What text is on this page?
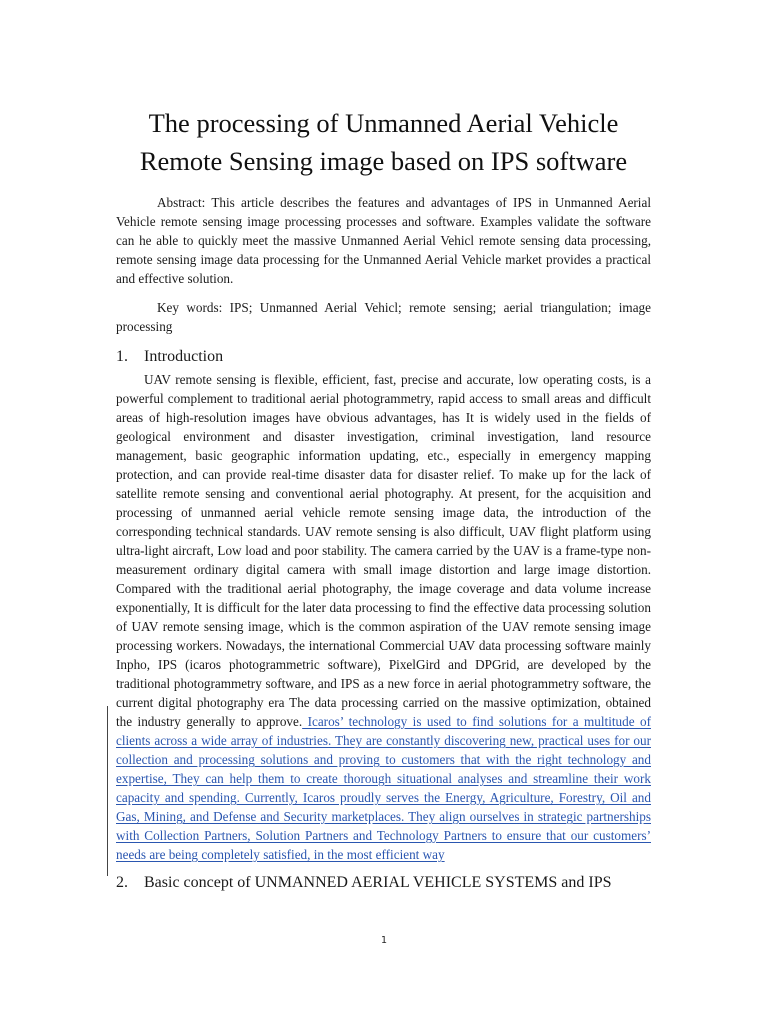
The processing of Unmanned Aerial Vehicle
Remote Sensing image based on IPS software

Abstract: This article describes the features and advantages of IPS in Unmanned Aerial Vehicle remote sensing image processing processes and software. Examples validate the software can he able to quickly meet the massive Unmanned Aerial Vehicl remote sensing data processing, remote sensing image data processing for the Unmanned Aerial Vehicle market provides a practical and effective solution.

Key words: IPS; Unmanned Aerial Vehicl; remote sensing; aerial triangulation; image processing

1.	Introduction

UAV remote sensing is flexible, efficient, fast, precise and accurate, low operating costs, is a powerful complement to traditional aerial photogrammetry, rapid access to small areas and difficult areas of high-resolution images have obvious advantages, has It is widely used in the fields of geological environment and disaster investigation, criminal investigation, land resource management, basic geographic information updating, etc., especially in emergency mapping protection, and can provide real-time disaster data for disaster relief. To make up for the lack of satellite remote sensing and conventional aerial photography. At present, for the acquisition and processing of unmanned aerial vehicle remote sensing image data, the introduction of the corresponding technical standards. UAV remote sensing is also difficult, UAV flight platform using ultra-light aircraft, Low load and poor stability. The camera carried by the UAV is a frame-type non-measurement ordinary digital camera with small image distortion and large image distortion. Compared with the traditional aerial photography, the image coverage and data volume increase exponentially, It is difficult for the later data processing to find the effective data processing solution of UAV remote sensing image, which is the common aspiration of the UAV remote sensing image processing workers. Nowadays, the international Commercial UAV data processing software mainly Inpho, IPS (icaros photogrammetric software), PixelGird and DPGrid, are developed by the traditional photogrammetry software, and IPS as a new force in aerial photogrammetry software, the current digital photography era The data processing carried on the massive optimization, obtained the industry generally to approve. Icaros’ technology is used to find solutions for a multitude of clients across a wide array of industries. They are constantly discovering new, practical uses for our collection and processing solutions and proving to customers that with the right technology and expertise, They can help them to create thorough situational analyses and streamline their work capacity and spending. Currently, Icaros proudly serves the Energy, Agriculture, Forestry, Oil and Gas, Mining, and Defense and Security marketplaces. They align ourselves in strategic partnerships with Collection Partners, Solution Partners and Technology Partners to ensure that our customers’ needs are being completely satisfied, in the most efficient way

2.	Basic concept of UNMANNED AERIAL VEHICLE SYSTEMS and IPS
1
